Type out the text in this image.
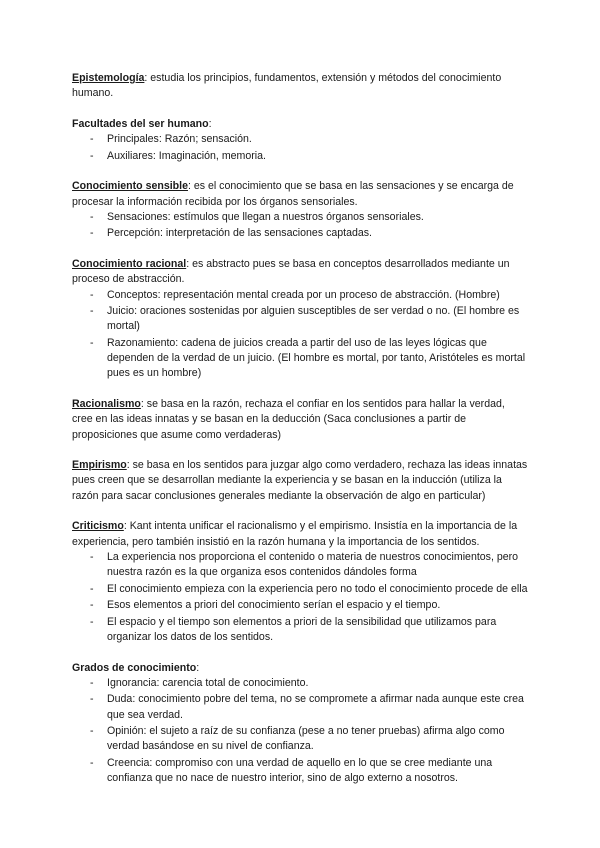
Epistemología: estudia los principios, fundamentos, extensión y métodos del conocimiento humano.

Facultades del ser humano:

- Principales: Razón; sensación.
- Auxiliares: Imaginación, memoria.

Conocimiento sensible: es el conocimiento que se basa en las sensaciones y se encarga de procesar la información recibida por los órganos sensoriales.

- Sensaciones: estímulos que llegan a nuestros órganos sensoriales.
- Percepción: interpretación de las sensaciones captadas.

Conocimiento racional: es abstracto pues se basa en conceptos desarrollados mediante un proceso de abstracción.

- Conceptos: representación mental creada por un proceso de abstracción. (Hombre)
- Juicio: oraciones sostenidas por alguien susceptibles de ser verdad o no. (El hombre es mortal)
- Razonamiento: cadena de juicios creada a partir del uso de las leyes lógicas que dependen de la verdad de un juicio. (El hombre es mortal, por tanto, Aristóteles es mortal pues es un hombre)

Racionalismo: se basa en la razón, rechaza el confiar en los sentidos para hallar la verdad, cree en las ideas innatas y se basan en la deducción (Saca conclusiones a partir de proposiciones que asume como verdaderas)

Empirismo: se basa en los sentidos para juzgar algo como verdadero, rechaza las ideas innatas pues creen que se desarrollan mediante la experiencia y se basan en la inducción (utiliza la razón para sacar conclusiones generales mediante la observación de algo en particular)

Criticismo: Kant intenta unificar el racionalismo y el empirismo. Insistía en la importancia de la experiencia, pero también insistió en la razón humana y la importancia de los sentidos.

- La experiencia nos proporciona el contenido o materia de nuestros conocimientos, pero nuestra razón es la que organiza esos contenidos dándoles forma
- El conocimiento empieza con la experiencia pero no todo el conocimiento procede de ella
- Esos elementos a priori del conocimiento serían el espacio y el tiempo.
- El espacio y el tiempo son elementos a priori de la sensibilidad que utilizamos para organizar los datos de los sentidos.

Grados de conocimiento:

- Ignorancia: carencia total de conocimiento.
- Duda: conocimiento pobre del tema, no se compromete a afirmar nada aunque este crea que sea verdad.
- Opinión: el sujeto a raíz de su confianza (pese a no tener pruebas) afirma algo como verdad basándose en su nivel de confianza.
- Creencia: compromiso con una verdad de aquello en lo que se cree mediante una confianza que no nace de nuestro interior, sino de algo externo a nosotros.
